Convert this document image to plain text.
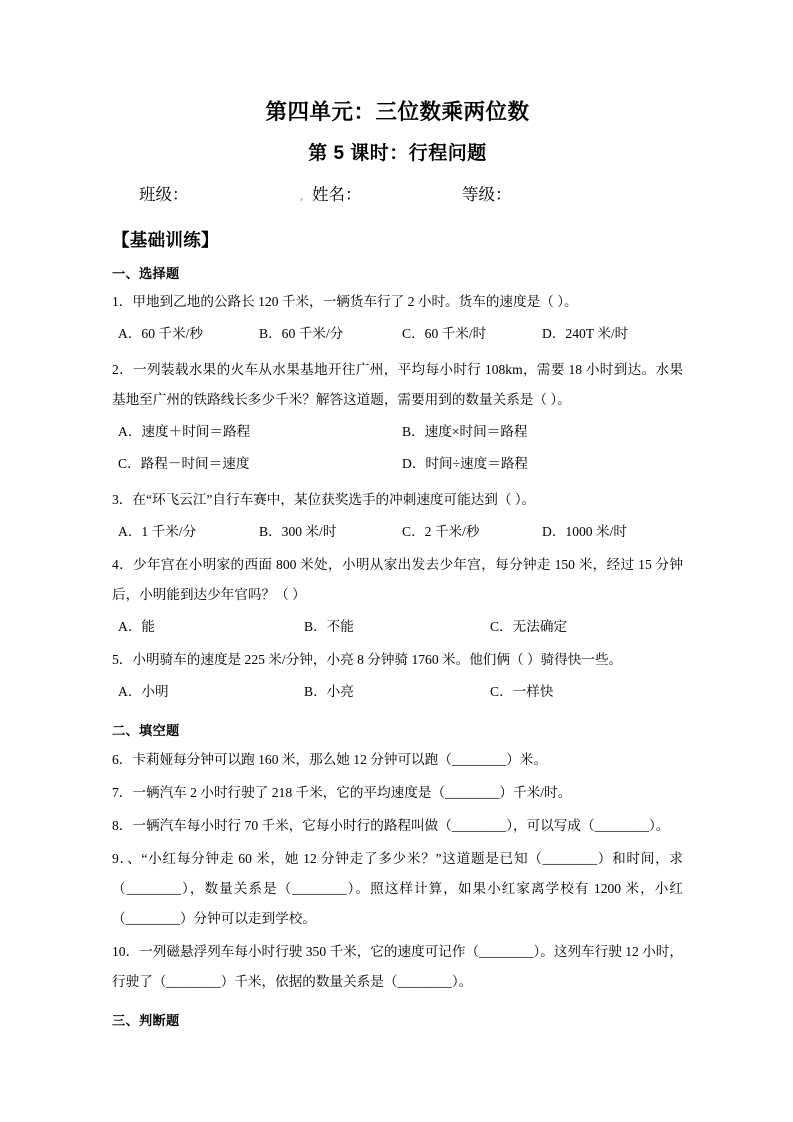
第四单元：三位数乘两位数
第 5 课时：行程问题
班级：	姓名：	等级：
【基础训练】
一、选择题

1．甲地到乙地的公路长 120 千米，一辆货车行了 2 小时。货车的速度是（ ）。

A．60 千米/秒	B．60 千米/分	C．60 千米/时	D．240T 米/时

2．一列装载水果的火车从水果基地开往广州，平均每小时行 108km，需要 18 小时到达。水果基地至广州的铁路线长多少千米？解答这道题，需要用到的数量关系是（ ）。

A．速度＋时间＝路程	B．速度×时间＝路程
C．路程－时间＝速度	D．时间÷速度＝路程

3．在“环飞云江”自行车赛中，某位获奖选手的冲刺速度可能达到（ ）。

A．1 千米/分	B．300 米/时	C．2 千米/秒	D．1000 米/时

4．少年宫在小明家的西面 800 米处，小明从家出发去少年宫，每分钟走 150 米，经过 15 分钟后，小明能到达少年官吗？（ ）

A．能	B．不能	C．无法确定

5．小明骑车的速度是 225 米/分钟，小亮 8 分钟骑 1760 米。他们俩（ ）骑得快一些。

A．小明	B．小亮	C．一样快
二、填空题

6．卡莉娅每分钟可以跑 160 米，那么她 12 分钟可以跑（________）米。

7．一辆汽车 2 小时行驶了 218 千米，它的平均速度是（________）千米/时。

8．一辆汽车每小时行 70 千米，它每小时行的路程叫做（________），可以写成（________）。

9．、“小红每分钟走 60 米，她 12 分钟走了多少米？”这道题是已知（________）和时间，求（________），数量关系是（________）。照这样计算，如果小红家离学校有 1200 米，小红（________）分钟可以走到学校。

10．一列磁悬浮列车每小时行驶 350 千米，它的速度可记作（________）。这列车行驶 12 小时，行驶了（________）千米，依据的数量关系是（________）。

三、判断题
